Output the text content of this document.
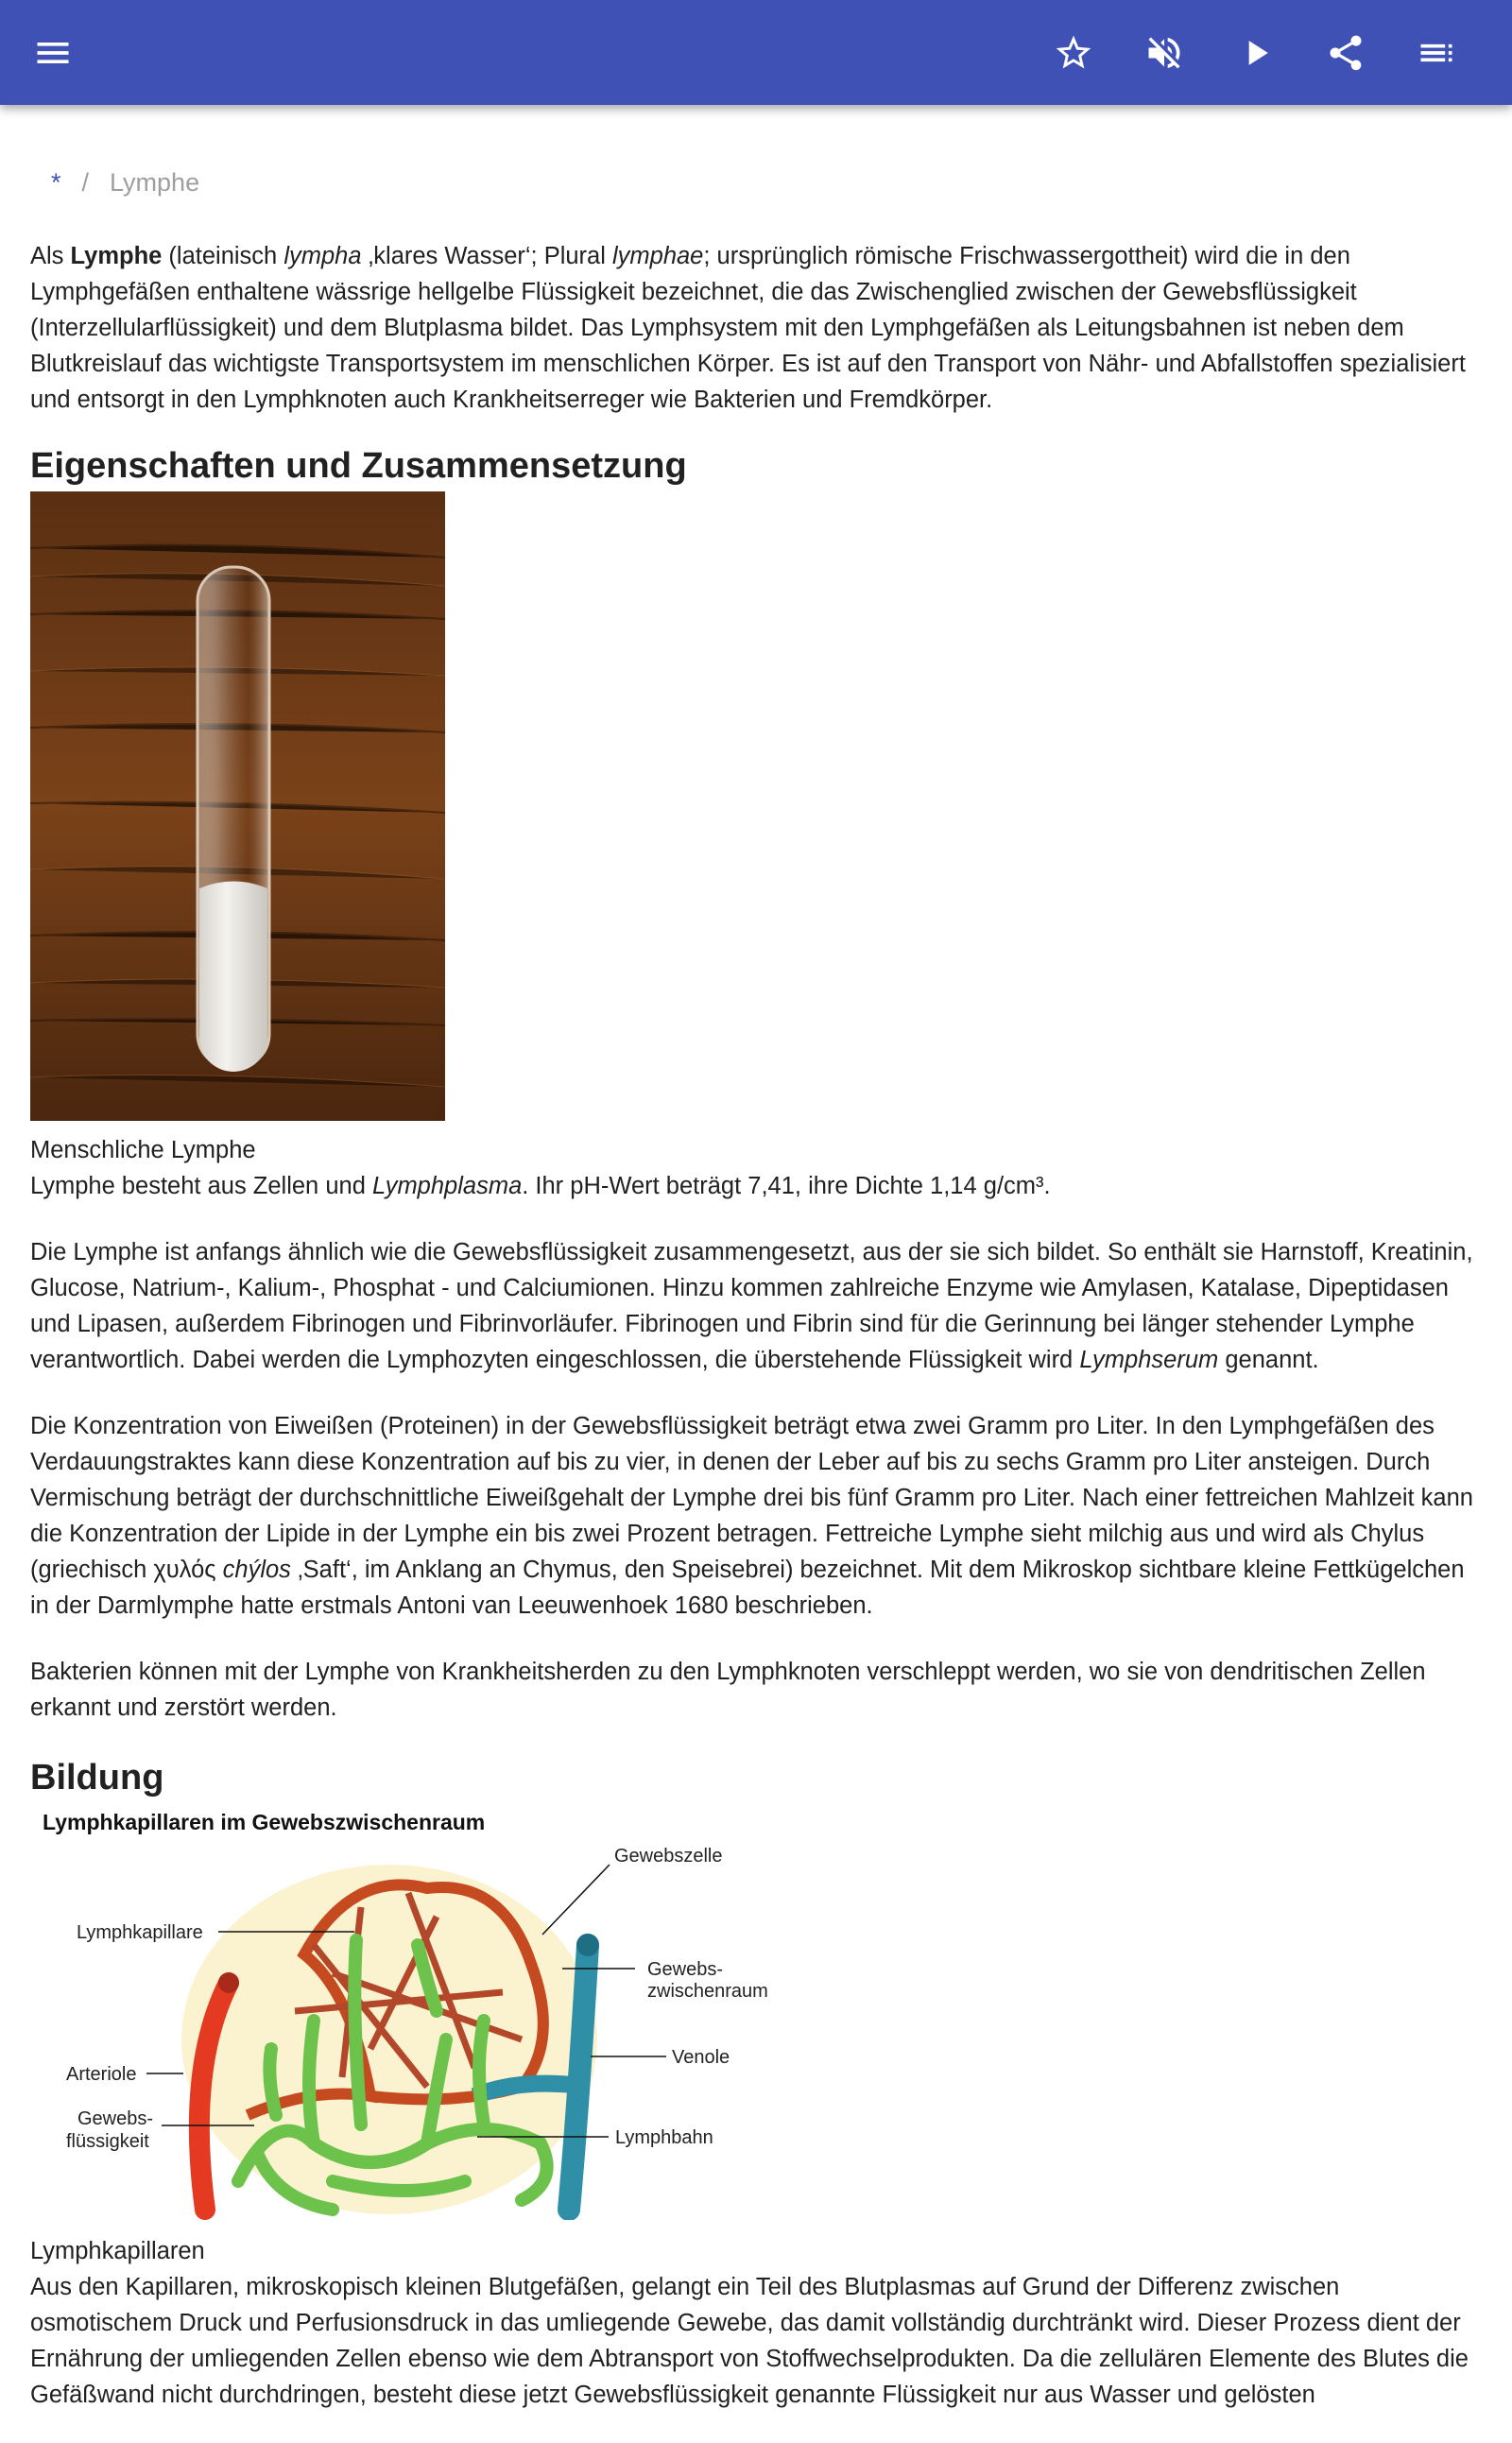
* / Lymphe

Als Lymphe (lateinisch lympha ‚klares Wasser‘; Plural lymphae; ursprünglich römische Frischwassergottheit) wird die in den Lymphgefäßen enthaltene wässrige hellgelbe Flüssigkeit bezeichnet, die das Zwischenglied zwischen der Gewebsflüssigkeit (Interzellularflüssigkeit) und dem Blutplasma bildet. Das Lymphsystem mit den Lymphgefäßen als Leitungsbahnen ist neben dem Blutkreislauf das wichtigste Transportsystem im menschlichen Körper. Es ist auf den Transport von Nähr- und Abfallstoffen spezialisiert und entsorgt in den Lymphknoten auch Krankheitserreger wie Bakterien und Fremdkörper.

Eigenschaften und Zusammensetzung

Menschliche Lymphe

Lymphe besteht aus Zellen und Lymphplasma. Ihr pH-Wert beträgt 7,41, ihre Dichte 1,14 g/cm³.

Die Lymphe ist anfangs ähnlich wie die Gewebsflüssigkeit zusammengesetzt, aus der sie sich bildet. So enthält sie Harnstoff, Kreatinin, Glucose, Natrium-, Kalium-, Phosphat - und Calciumionen. Hinzu kommen zahlreiche Enzyme wie Amylasen, Katalase, Dipeptidasen und Lipasen, außerdem Fibrinogen und Fibrinvorläufer. Fibrinogen und Fibrin sind für die Gerinnung bei länger stehender Lymphe verantwortlich. Dabei werden die Lymphozyten eingeschlossen, die überstehende Flüssigkeit wird Lymphserum genannt.

Die Konzentration von Eiweißen (Proteinen) in der Gewebsflüssigkeit beträgt etwa zwei Gramm pro Liter. In den Lymphgefäßen des Verdauungstraktes kann diese Konzentration auf bis zu vier, in denen der Leber auf bis zu sechs Gramm pro Liter ansteigen. Durch Vermischung beträgt der durchschnittliche Eiweißgehalt der Lymphe drei bis fünf Gramm pro Liter. Nach einer fettreichen Mahlzeit kann die Konzentration der Lipide in der Lymphe ein bis zwei Prozent betragen. Fettreiche Lymphe sieht milchig aus und wird als Chylus (griechisch χυλός chýlos ‚Saft‘, im Anklang an Chymus, den Speisebrei) bezeichnet. Mit dem Mikroskop sichtbare kleine Fettkügelchen in der Darmlymphe hatte erstmals Antoni van Leeuwenhoek 1680 beschrieben.

Bakterien können mit der Lymphe von Krankheitsherden zu den Lymphknoten verschleppt werden, wo sie von dendritischen Zellen erkannt und zerstört werden.

Bildung
Lymphkapillaren im Gewebszwischenraum
Gewebszelle
Lymphkapillare
Gewebs-
zwischenraum
Venole
Arteriole
Gewebs-
flüssigkeit	Lymphbahn

Lymphkapillaren

Aus den Kapillaren, mikroskopisch kleinen Blutgefäßen, gelangt ein Teil des Blutplasmas auf Grund der Differenz zwischen osmotischem Druck und Perfusionsdruck in das umliegende Gewebe, das damit vollständig durchtränkt wird. Dieser Prozess dient der Ernährung der umliegenden Zellen ebenso wie dem Abtransport von Stoffwechselprodukten. Da die zellulären Elemente des Blutes die Gefäßwand nicht durchdringen, besteht diese jetzt Gewebsflüssigkeit genannte Flüssigkeit nur aus Wasser und gelösten
